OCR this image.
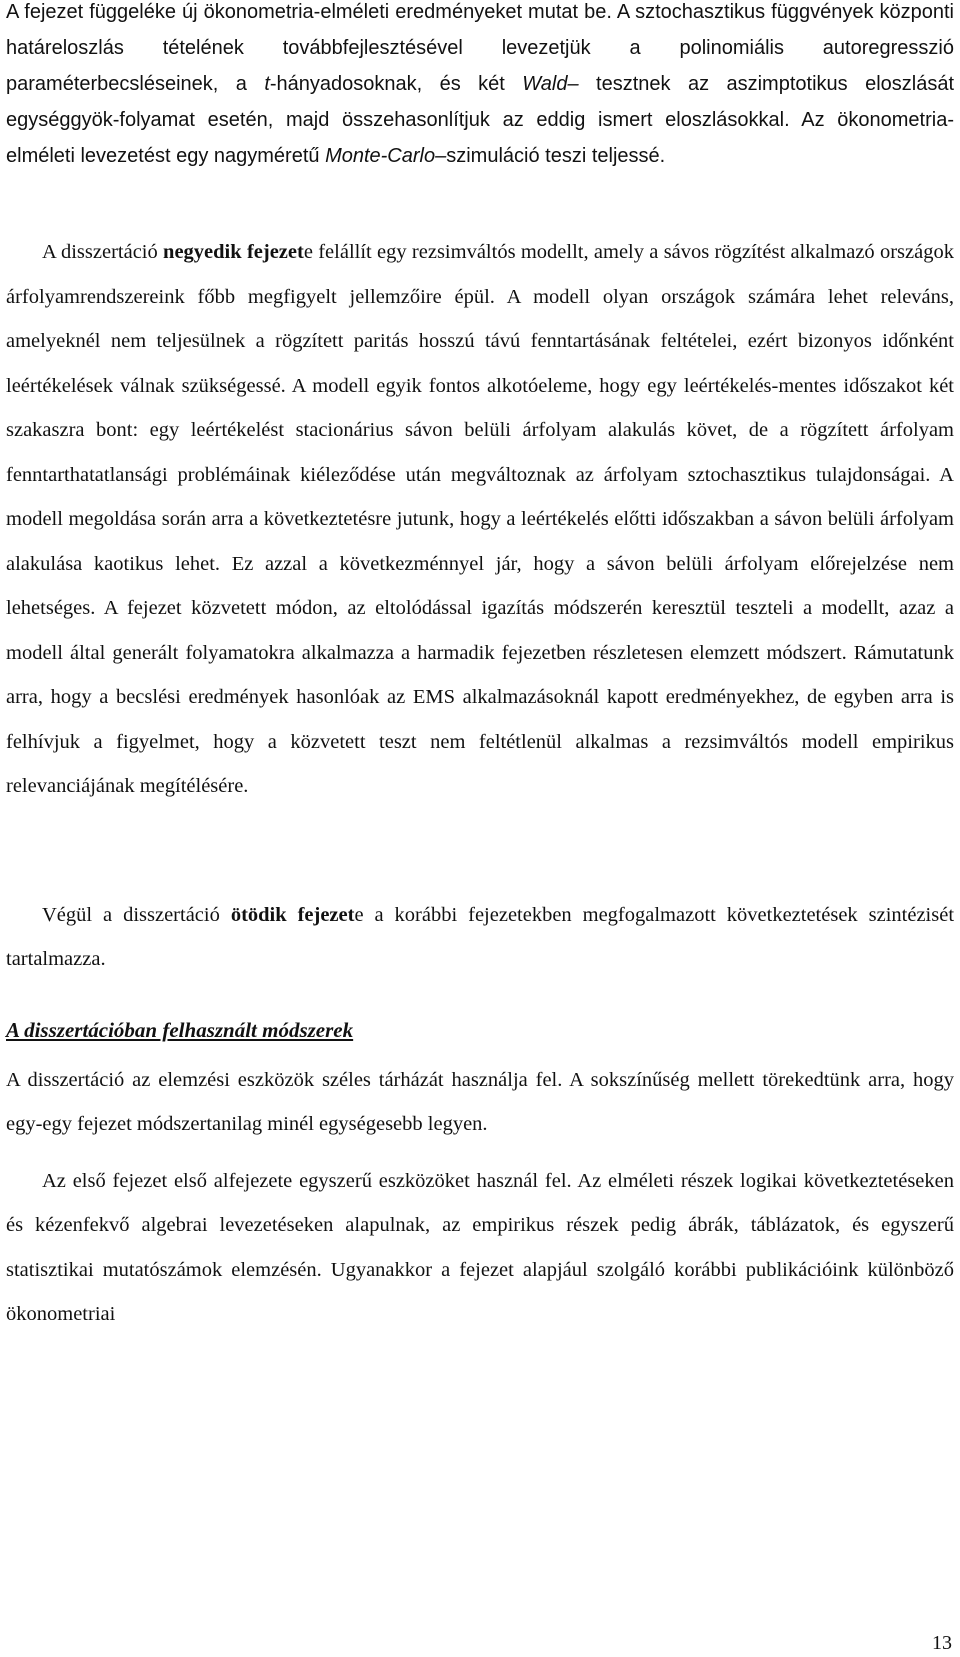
A fejezet függeléke új ökonometria-elméleti eredményeket mutat be. A sztochasztikus függvények központi határeloszlás tételének továbbfejlesztésével levezetjük a polinomiális autoregresszió paraméterbecsléseinek, a t-hányadosoknak, és két Wald– tesztnek az aszimptotikus eloszlását egységgyök-folyamat esetén, majd összehasonlítjuk az eddig ismert eloszlásokkal. Az ökonometria-elméleti levezetést egy nagyméretű Monte-Carlo–szimuláció teszi teljessé.

A disszertáció negyedik fejezete felállít egy rezsimváltós modellt, amely a sávos rögzítést alkalmazó országok árfolyamrendszereink főbb megfigyelt jellemzőire épül. A modell olyan országok számára lehet releváns, amelyeknél nem teljesülnek a rögzített paritás hosszú távú fenntartásának feltételei, ezért bizonyos időnként leértékelések válnak szükségessé. A modell egyik fontos alkotóeleme, hogy egy leértékelés-mentes időszakot két szakaszra bont: egy leértékelést stacionárius sávon belüli árfolyam alakulás követ, de a rögzített árfolyam fenntarthatatlansági problémáinak kiéleződése után megváltoznak az árfolyam sztochasztikus tulajdonságai. A modell megoldása során arra a következtetésre jutunk, hogy a leértékelés előtti időszakban a sávon belüli árfolyam alakulása kaotikus lehet. Ez azzal a következménnyel jár, hogy a sávon belüli árfolyam előrejelzése nem lehetséges. A fejezet közvetett módon, az eltolódással igazítás módszerén keresztül teszteli a modellt, azaz a modell által generált folyamatokra alkalmazza a harmadik fejezetben részletesen elemzett módszert. Rámutatunk arra, hogy a becslési eredmények hasonlóak az EMS alkalmazásoknál kapott eredményekhez, de egyben arra is felhívjuk a figyelmet, hogy a közvetett teszt nem feltétlenül alkalmas a rezsimváltós modell empirikus relevanciájának megítélésére.

Végül a disszertáció ötödik fejezete a korábbi fejezetekben megfogalmazott következtetések szintézisét tartalmazza.

A disszertációban felhasznált módszerek

A disszertáció az elemzési eszközök széles tárházát használja fel. A sokszínűség mellett törekedtünk arra, hogy egy-egy fejezet módszertanilag minél egységesebb legyen.

Az első fejezet első alfejezete egyszerű eszközöket használ fel. Az elméleti részek logikai következtetéseken és kézenfekvő algebrai levezetéseken alapulnak, az empirikus részek pedig ábrák, táblázatok, és egyszerű statisztikai mutatószámok elemzésén. Ugyanakkor a fejezet alapjául szolgáló korábbi publikációink különböző ökonometriai

13
